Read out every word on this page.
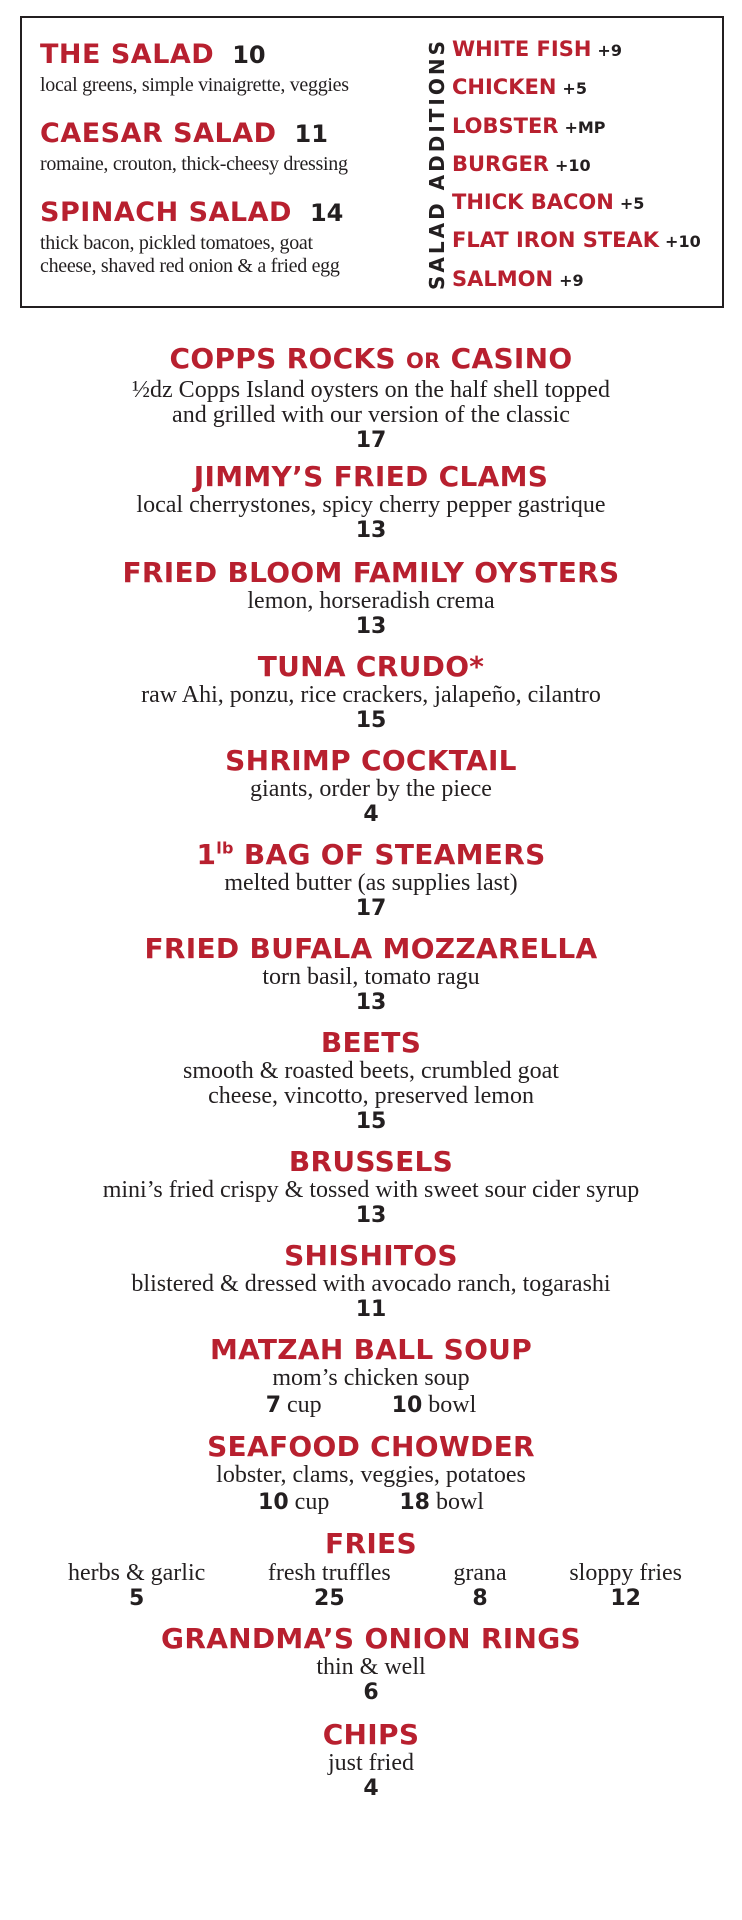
THE SALAD 10
local greens, simple vinaigrette, veggies
CAESAR SALAD 11
romaine, crouton, thick-cheesy dressing
SPINACH SALAD 14
thick bacon, pickled tomatoes, goat
cheese, shaved red onion & a fried egg	SALAD ADDITIONS WHITE FISH +9
CHICKEN +5
LOBSTER +MP
BURGER +10
THICK BACON +5
FLAT IRON STEAK +10
SALMON +9
COPPS ROCKS OR CASINO
½dz Copps Island oysters on the half shell topped
and grilled with our version of the classic
17
JIMMY’S FRIED CLAMS
local cherrystones, spicy cherry pepper gastrique
13
FRIED BLOOM FAMILY OYSTERS
lemon, horseradish crema
13
TUNA CRUDO*
raw Ahi, ponzu, rice crackers, jalapeño, cilantro
15
SHRIMP COCKTAIL
giants, order by the piece
4
$1^{lb}$ BAG OF STEAMERS
melted butter (as supplies last)
17
FRIED BUFALA MOZZARELLA
torn basil, tomato ragu
13
BEETS
smooth & roasted beets, crumbled goat
cheese, vincotto, preserved lemon
15
BRUSSELS
mini’s fried crispy & tossed with sweet sour cider syrup
13
SHISHITOS
blistered & dressed with avocado ranch, togarashi
11
MATZAH BALL SOUP
mom’s chicken soup
7 cup	10 bowl
SEAFOOD CHOWDER
lobster, clams, veggies, potatoes
10 cup	18 bowl
FRIES
herbs & garlic
5
fresh truffles
25
grana
8
sloppy fries
12
GRANDMA’S ONION RINGS
thin & well
6
CHIPS
just fried
4
